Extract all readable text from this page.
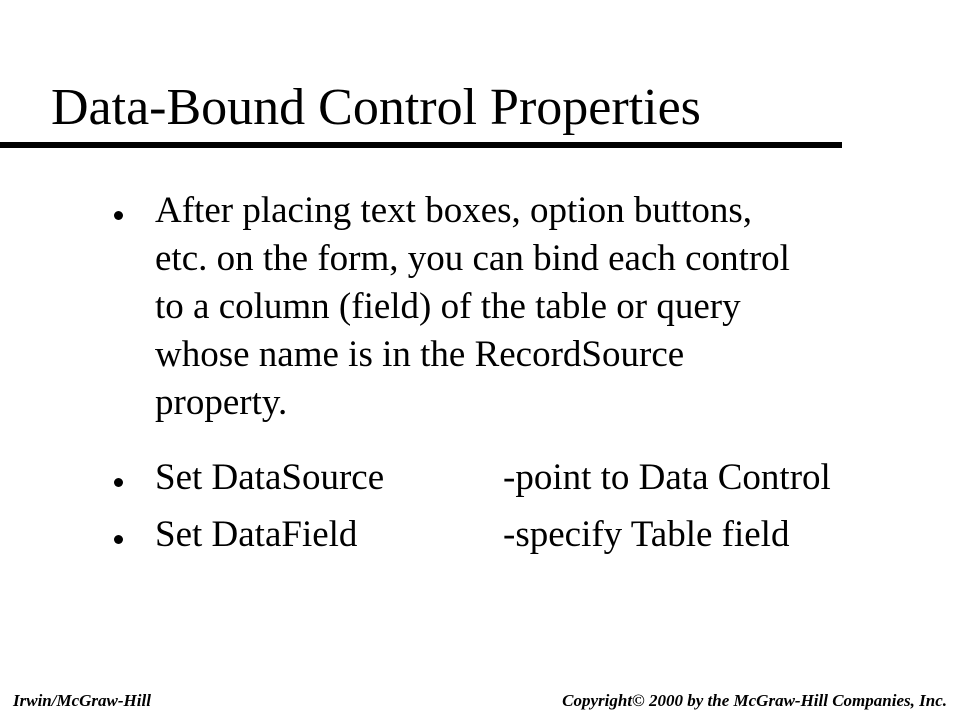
Data-Bound Control Properties
After placing text boxes, option buttons,
etc. on the form, you can bind each control
to a column (field) of the table or query
whose name is in the RecordSource
property.
Set DataSource	-point to Data Control
Set DataField	-specify Table field
Irwin/McGraw-Hill	Copyright© 2000 by the McGraw-Hill Companies, Inc.
